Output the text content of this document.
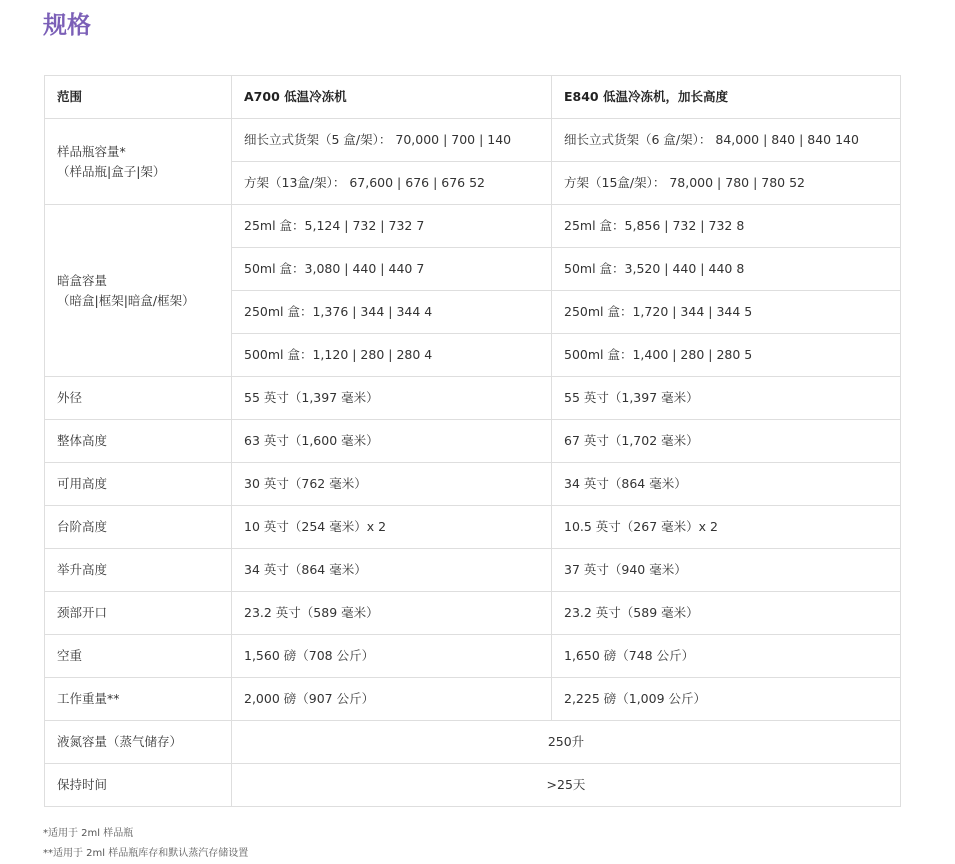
规格
范围	A700 低温冷冻机	E840 低温冷冻机，加长高度

样品瓶容量*
（样品瓶|盒子|架）	细长立式货架（5 盒/架）： 70,000 | 700 | 140	细长立式货架（6 盒/架）： 84,000 | 840 | 840 140
	方架（13盒/架）： 67,600 | 676 | 676 52	方架（15盒/架）： 78,000 | 780 | 780 52

暗盒容量
（暗盒|框架|暗盒/框架）	25ml 盒：5,124 | 732 | 732 7	25ml 盒：5,856 | 732 | 732 8
	50ml 盒：3,080 | 440 | 440 7	50ml 盒：3,520 | 440 | 440 8
	250ml 盒：1,376 | 344 | 344 4	250ml 盒：1,720 | 344 | 344 5
	500ml 盒：1,120 | 280 | 280 4	500ml 盒：1,400 | 280 | 280 5
外径	55 英寸（1,397 毫米）	55 英寸（1,397 毫米）
整体高度	63 英寸（1,600 毫米）	67 英寸（1,702 毫米）
可用高度	30 英寸（762 毫米）	34 英寸（864 毫米）
台阶高度	10 英寸（254 毫米）x 2	10.5 英寸（267 毫米）x 2
举升高度	34 英寸（864 毫米）	37 英寸（940 毫米）
颈部开口	23.2 英寸（589 毫米）	23.2 英寸（589 毫米）
空重	1,560 磅（708 公斤）	1,650 磅（748 公斤）
工作重量**	2,000 磅（907 公斤）	2,225 磅（1,009 公斤）
液氮容量（蒸气储存）	250升	
保持时间	>25天	
*适用于 2ml 样品瓶
**适用于 2ml 样品瓶库存和默认蒸汽存储设置
